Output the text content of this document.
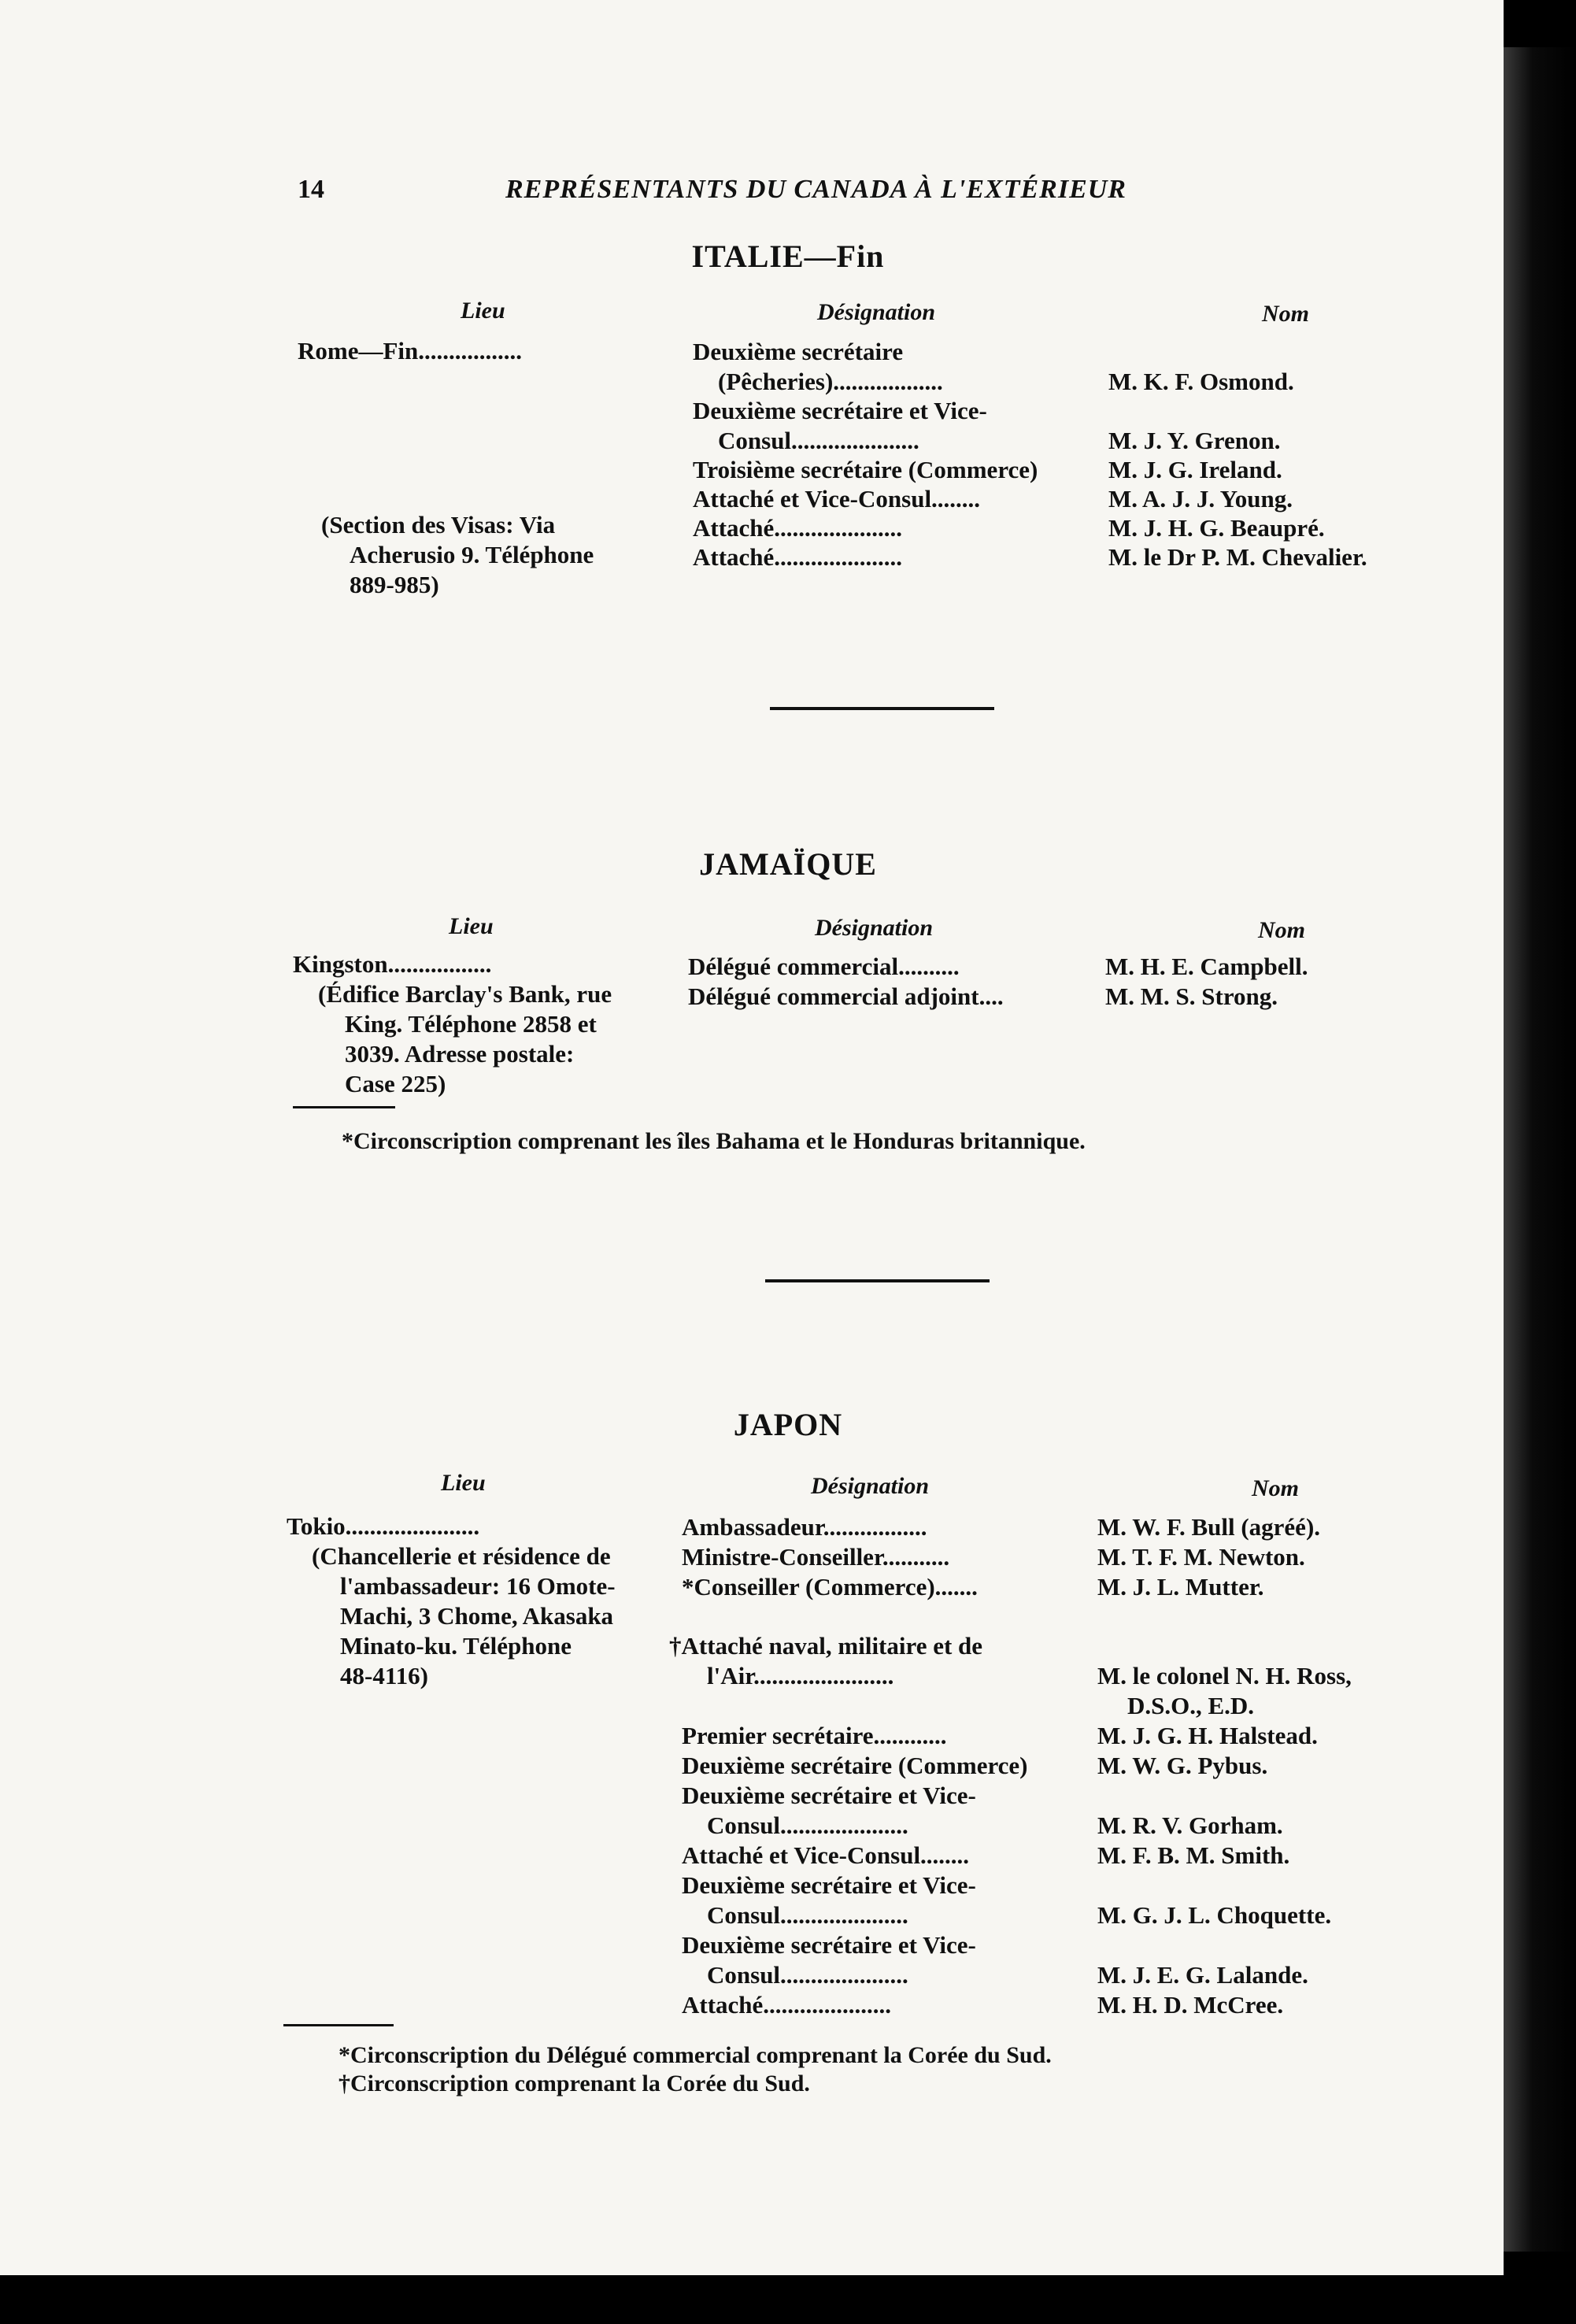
14	REPRÉSENTANTS DU CANADA À L'EXTÉRIEUR
ITALIE—Fin
Lieu	Désignation	Nom
Rome—Fin.................
(Section des Visas: Via
Acherusio 9. Téléphone
889-985)
Deuxième secrétaire
(Pêcheries)..................	M. K. F. Osmond.
Deuxième secrétaire et Vice-
Consul.....................	M. J. Y. Grenon.
Troisième secrétaire (Commerce)	M. J. G. Ireland.
Attaché et Vice-Consul........	M. A. J. J. Young.
Attaché.....................	M. J. H. G. Beaupré.
Attaché.....................	M. le Dr P. M. Chevalier.
JAMAÏQUE
Lieu	Désignation	Nom
Kingston.................
(Édifice Barclay's Bank, rue
King. Téléphone 2858 et
3039. Adresse postale:
Case 225)
Délégué commercial..........	M. H. E. Campbell.
Délégué commercial adjoint....	M. M. S. Strong.
*Circonscription comprenant les îles Bahama et le Honduras britannique.
JAPON
Lieu	Désignation	Nom
Tokio......................
(Chancellerie et résidence de
l'ambassadeur: 16 Omote-
Machi, 3 Chome, Akasaka
Minato-ku. Téléphone
48-4116)
Ambassadeur.................	M. W. F. Bull (agréé).
Ministre-Conseiller...........	M. T. F. M. Newton.
*Conseiller (Commerce).......	M. J. L. Mutter.
†Attaché naval, militaire et de
l'Air.......................	M. le colonel N. H. Ross,
D.S.O., E.D.
Premier secrétaire............	M. J. G. H. Halstead.
Deuxième secrétaire (Commerce)	M. W. G. Pybus.
Deuxième secrétaire et Vice-
Consul.....................	M. R. V. Gorham.
Attaché et Vice-Consul........	M. F. B. M. Smith.
Deuxième secrétaire et Vice-
Consul.....................	M. G. J. L. Choquette.
Deuxième secrétaire et Vice-
Consul.....................	M. J. E. G. Lalande.
Attaché.....................	M. H. D. McCree.
*Circonscription du Délégué commercial comprenant la Corée du Sud.
†Circonscription comprenant la Corée du Sud.
